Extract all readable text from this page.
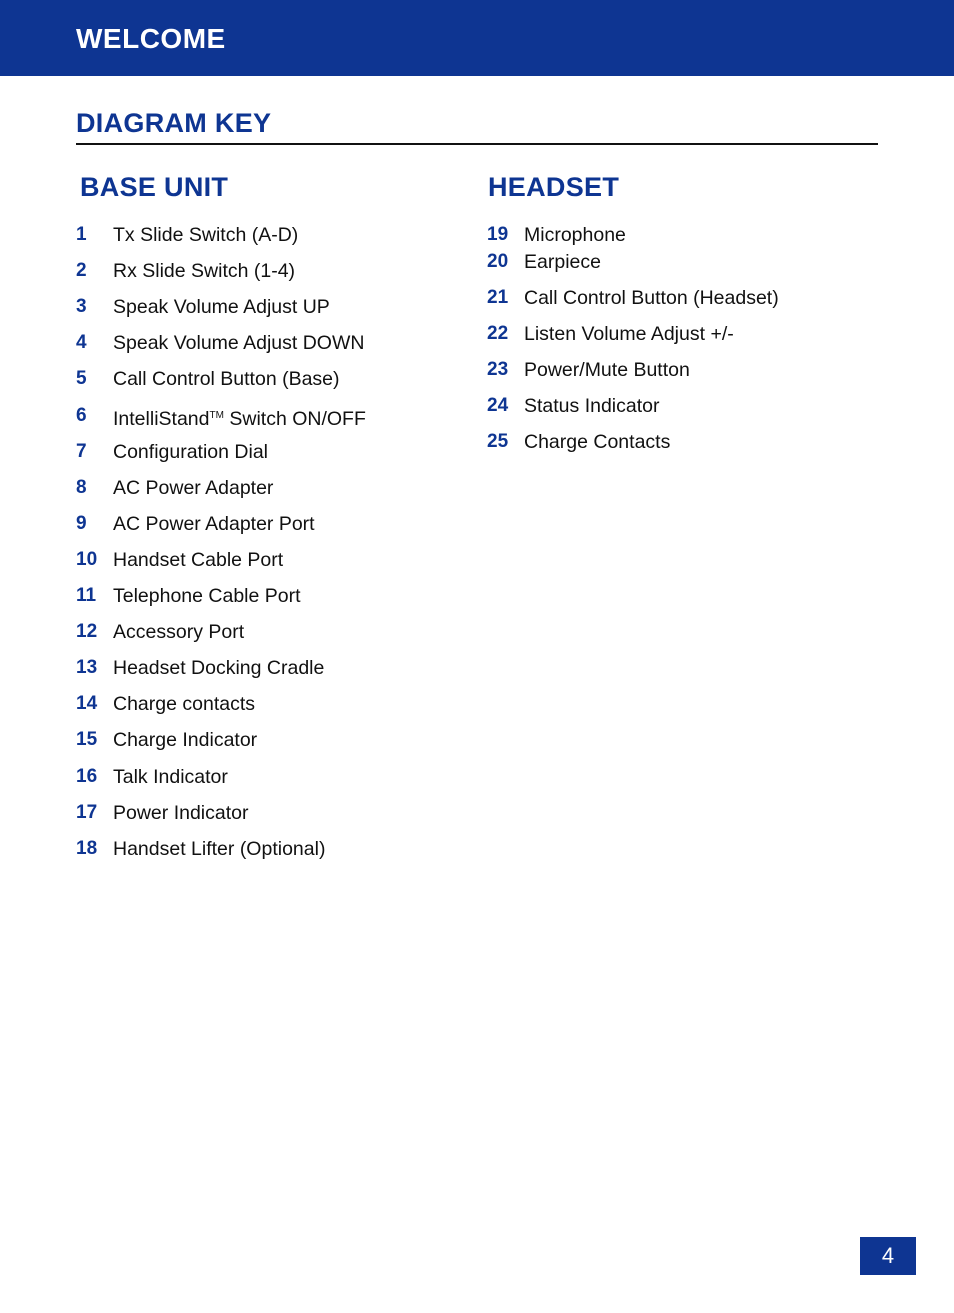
WELCOME
DIAGRAM KEY
BASE UNIT	HEADSET
1 Tx Slide Switch (A-D)
2 Rx Slide Switch (1-4)
3 Speak Volume Adjust UP
4 Speak Volume Adjust DOWN
5 Call Control Button (Base)
6 IntelliStand™ Switch ON/OFF
7 Configuration Dial
8 AC Power Adapter
9 AC Power Adapter Port
10 Handset Cable Port
11 Telephone Cable Port
12 Accessory Port
13 Headset Docking Cradle
14 Charge contacts
15 Charge Indicator
16 Talk Indicator
17 Power Indicator
18 Handset Lifter (Optional)
19 Microphone
20 Earpiece
21 Call Control Button (Headset)
22 Listen Volume Adjust +/-
23 Power/Mute Button
24 Status Indicator
25 Charge Contacts
4
